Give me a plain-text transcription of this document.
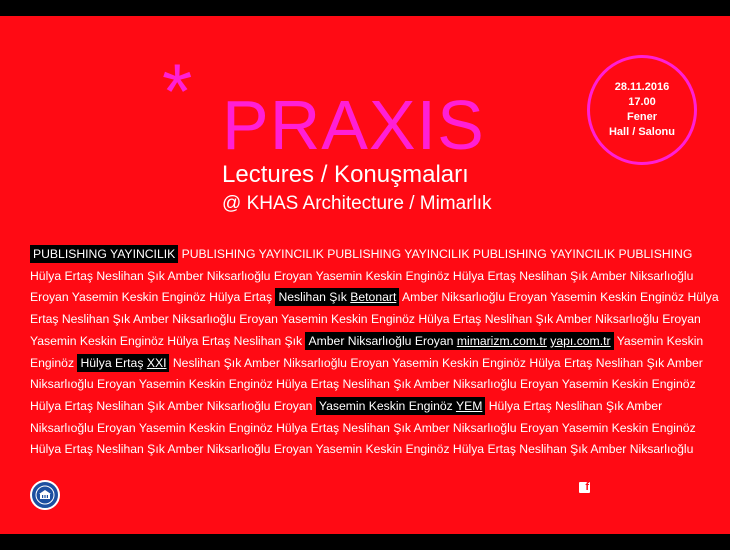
* PRAXIS
Lectures / Konuşmaları
@ KHAS Architecture / Mimarlık
28.11.2016
17.00
Fener
Hall / Salonu
PUBLISHING YAYINCILIK PUBLISHING YAYINCILIK PUBLISHING YAYINCILIK PUBLISHING YAYINCILIK PUBLISHING
Hülya Ertaş Neslihan Şık Amber Niksarlıoğlu Eroyan Yasemin Keskin Enginöz Hülya Ertaş Neslihan Şık Amber Niksarlıoğlu
Eroyan Yasemin Keskin Enginöz Hülya Ertaş Neslihan Şık Betonart Amber Niksarlıoğlu Eroyan Yasemin Keskin Enginöz Hülya
Ertaş Neslihan Şık Amber Niksarlıoğlu Eroyan Yasemin Keskin Enginöz Hülya Ertaş Neslihan Şık Amber Niksarlıoğlu Eroyan
Yasemin Keskin Enginöz Hülya Ertaş Neslihan Şık Amber Niksarlıoğlu Eroyan mimarizm.com.tr yapı.com.tr Yasemin Keskin
Enginöz Hülya Ertaş XXI Neslihan Şık Amber Niksarlıoğlu Eroyan Yasemin Keskin Enginöz Hülya Ertaş Neslihan Şık Amber
Niksarlıoğlu Eroyan Yasemin Keskin Enginöz Hülya Ertaş Neslihan Şık Amber Niksarlıoğlu Eroyan Yasemin Keskin Enginöz
Hülya Ertaş Neslihan Şık Amber Niksarlıoğlu Eroyan Yasemin Keskin Enginöz YEM Hülya Ertaş Neslihan Şık Amber
Niksarlıoğlu Eroyan Yasemin Keskin Enginöz Hülya Ertaş Neslihan Şık Amber Niksarlıoğlu Eroyan Yasemin Keskin Enginöz
Hülya Ertaş Neslihan Şık Amber Niksarlıoğlu Eroyan Yasemin Keskin Enginöz Hülya Ertaş Neslihan Şık Amber Niksarlıoğlu
f
